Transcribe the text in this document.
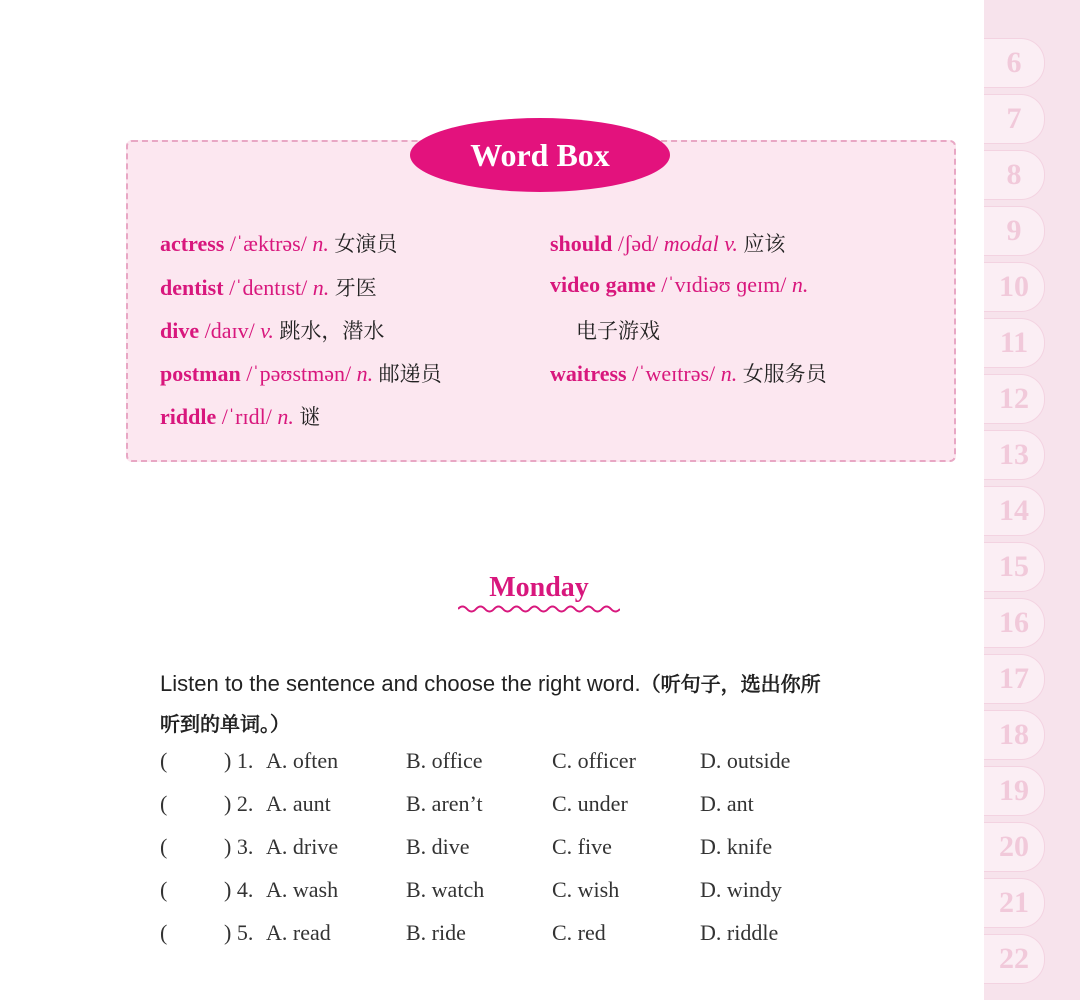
6
7
8
9
10
11
12
13
14
15
16
17
18
19
20
21
22
Word Box
actress /ˈæktrəs/ n. 女演员
dentist /ˈdentɪst/ n. 牙医
dive /daɪv/ v. 跳水，潜水
postman /ˈpəʊstmən/ n. 邮递员
riddle /ˈrɪdl/ n. 谜
should /ʃəd/ modal v. 应该
video game /ˈvɪdiəʊ ɡeɪm/ n.
电子游戏
waitress /ˈweɪtrəs/ n. 女服务员
Monday
Listen to the sentence and choose the right word.（听句子，选出你所
听到的单词。）
(	) 1. A. often	B. office	C. officer	D. outside
(	) 2. A. aunt	B. aren’t	C. under	D. ant
(	) 3. A. drive	B. dive	C. five	D. knife
(	) 4. A. wash	B. watch	C. wish	D. windy
(	) 5. A. read	B. ride	C. red	D. riddle
